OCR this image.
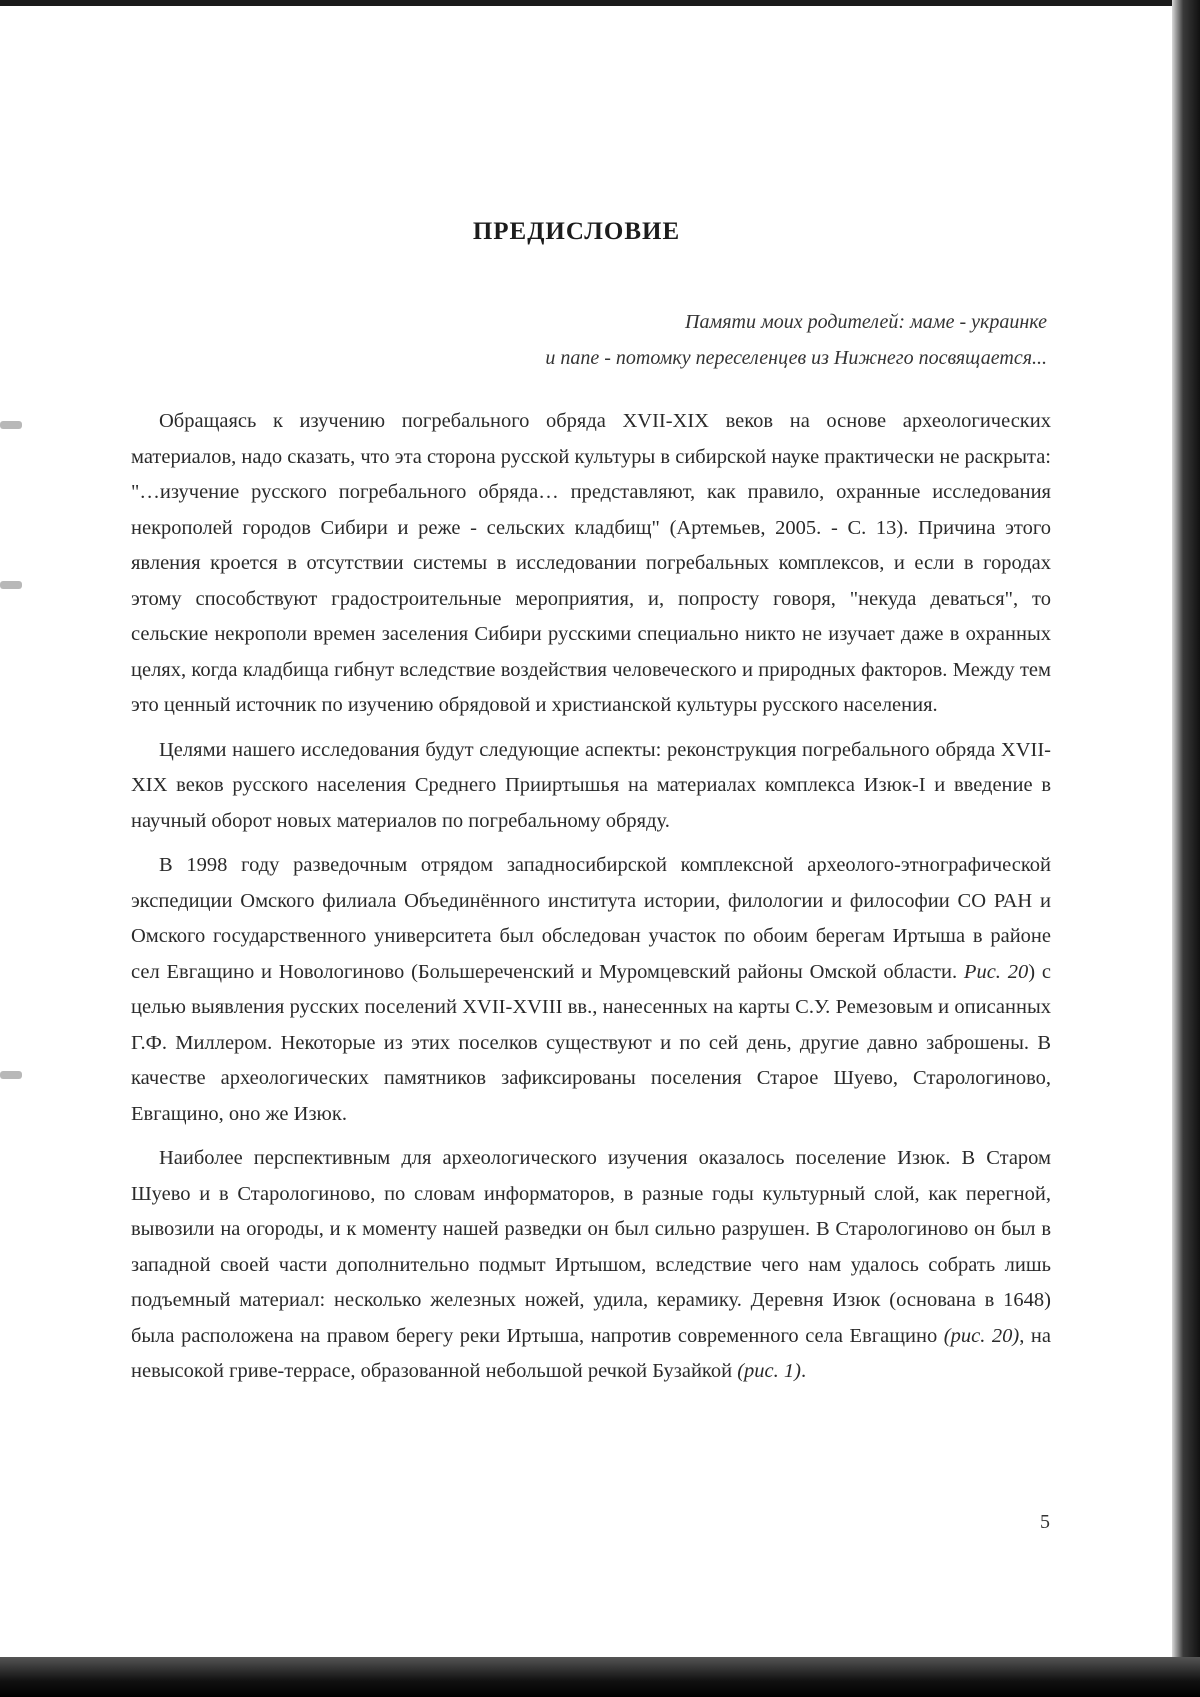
ПРЕДИСЛОВИЕ
Памяти моих родителей: маме - украинке
и папе - потомку переселенцев из Нижнего посвящается...

Обращаясь к изучению погребального обряда XVII-XIX веков на основе археологических материалов, надо сказать, что эта сторона русской культуры в сибирской науке практически не раскрыта: "…изучение русского погребального обряда… представляют, как правило, охранные исследования некрополей городов Сибири и реже - сельских кладбищ" (Артемьев, 2005. - С. 13). Причина этого явления кроется в отсутствии системы в исследовании погребальных комплексов, и если в городах этому способствуют градостроительные мероприятия, и, попросту говоря, "некуда деваться", то сельские некрополи времен заселения Сибири русскими специально никто не изучает даже в охранных целях, когда кладбища гибнут вследствие воздействия человеческого и природных факторов. Между тем это ценный источник по изучению обрядовой и христианской культуры русского населения.

Целями нашего исследования будут следующие аспекты: реконструкция погребального обряда XVII-XIX веков русского населения Среднего Прииртышья на материалах комплекса Изюк-I и введение в научный оборот новых материалов по погребальному обряду.

В 1998 году разведочным отрядом западносибирской комплексной археолого-этнографической экспедиции Омского филиала Объединённого института истории, филологии и философии СО РАН и Омского государственного университета был обследован участок по обоим берегам Иртыша в районе сел Евгащино и Новологиново (Большереченский и Муромцевский районы Омской области. Рис. 20) с целью выявления русских поселений XVII-XVIII вв., нанесенных на карты С.У. Ремезовым и описанных Г.Ф. Миллером. Некоторые из этих поселков существуют и по сей день, другие давно заброшены. В качестве археологических памятников зафиксированы поселения Старое Шуево, Старологиново, Евгащино, оно же Изюк.

Наиболее перспективным для археологического изучения оказалось поселение Изюк. В Старом Шуево и в Старологиново, по словам информаторов, в разные годы культурный слой, как перегной, вывозили на огороды, и к моменту нашей разведки он был сильно разрушен. В Старологиново он был в западной своей части дополнительно подмыт Иртышом, вследствие чего нам удалось собрать лишь подъемный материал: несколько железных ножей, удила, керамику. Деревня Изюк (основана в 1648) была расположена на правом берегу реки Иртыша, напротив современного села Евгащино (рис. 20), на невысокой гриве-террасе, образованной небольшой речкой Бузайкой (рис. 1).

5
